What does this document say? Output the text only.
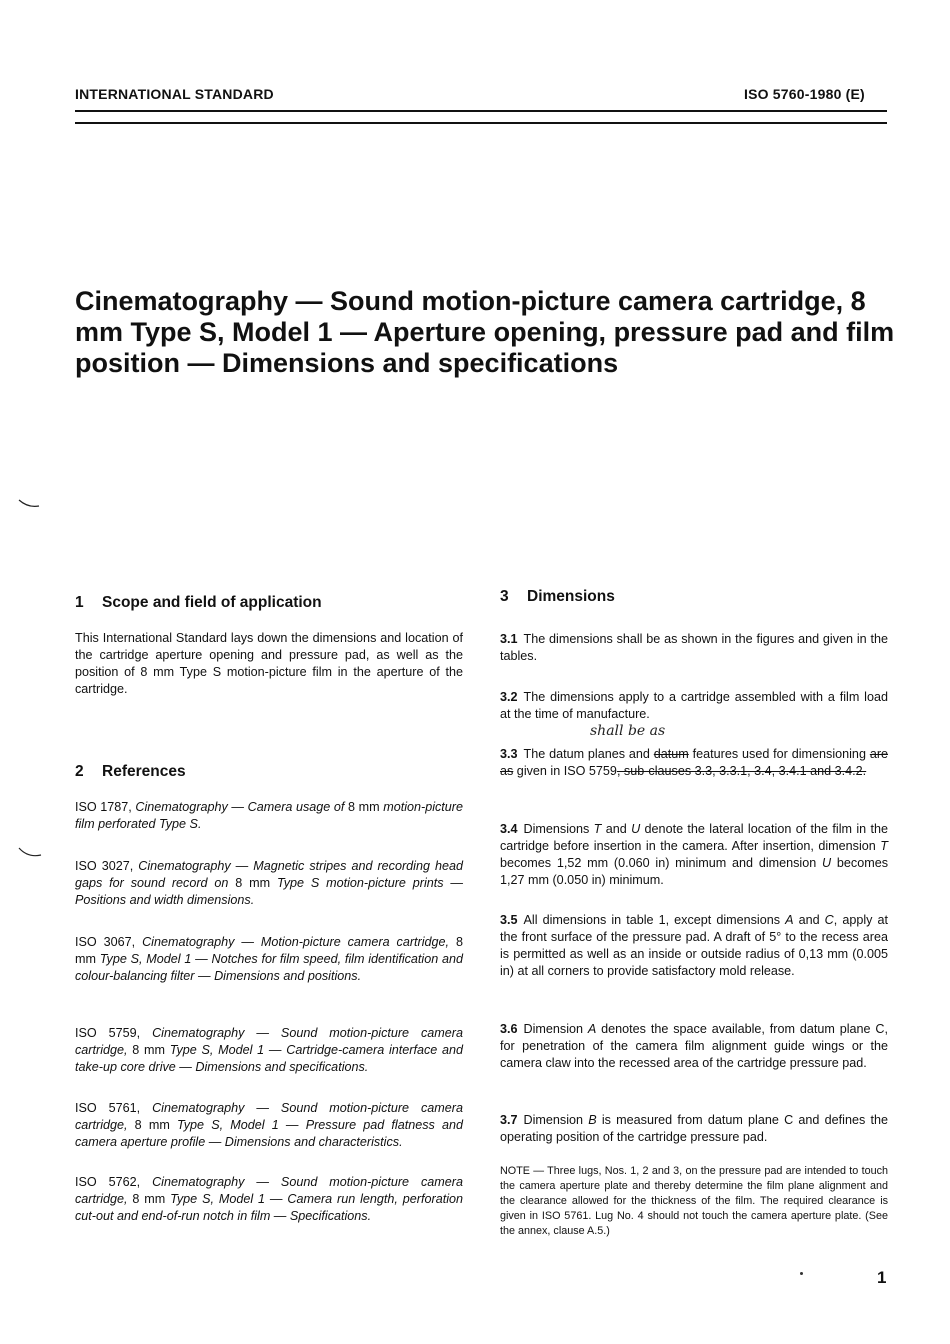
INTERNATIONAL STANDARD	ISO 5760-1980 (E)
Cinematography — Sound motion-picture camera cartridge, 8 mm Type S, Model 1 — Aperture opening, pressure pad and film position — Dimensions and specifications
1 Scope and field of application

This International Standard lays down the dimensions and location of the cartridge aperture opening and pressure pad, as well as the position of 8 mm Type S motion-picture film in the aperture of the cartridge.

2 References
ISO 1787, Cinematography — Camera usage of 8 mm motion-picture film perforated Type S.
ISO 3027, Cinematography — Magnetic stripes and recording head gaps for sound record on 8 mm Type S motion-picture prints — Positions and width dimensions.
ISO 3067, Cinematography — Motion-picture camera cartridge, 8 mm Type S, Model 1 — Notches for film speed, film identification and colour-balancing filter — Dimensions and positions.
ISO 5759, Cinematography — Sound motion-picture camera cartridge, 8 mm Type S, Model 1 — Cartridge-camera interface and take-up core drive — Dimensions and specifications.
ISO 5761, Cinematography — Sound motion-picture camera cartridge, 8 mm Type S, Model 1 — Pressure pad flatness and camera aperture profile — Dimensions and characteristics.
ISO 5762, Cinematography — Sound motion-picture camera cartridge, 8 mm Type S, Model 1 — Camera run length, perforation cut-out and end-of-run notch in film — Specifications.
3 Dimensions
3.1 The dimensions shall be as shown in the figures and given in the tables.
3.2 The dimensions apply to a cartridge assembled with a film load at the time of manufacture.
shall be as
3.3 The datum planes and datum features used for dimensioning are as given in ISO 5759, sub-clauses 3.3, 3.3.1, 3.4, 3.4.1 and 3.4.2.
3.4 Dimensions T and U denote the lateral location of the film in the cartridge before insertion in the camera. After insertion, dimension T becomes 1,52 mm (0.060 in) minimum and dimension U becomes 1,27 mm (0.050 in) minimum.
3.5 All dimensions in table 1, except dimensions A and C, apply at the front surface of the pressure pad. A draft of 5° to the recess area is permitted as well as an inside or outside radius of 0,13 mm (0.005 in) at all corners to provide satisfactory mold release.
3.6 Dimension A denotes the space available, from datum plane C, for penetration of the camera film alignment guide wings or the camera claw into the recessed area of the cartridge pressure pad.
3.7 Dimension B is measured from datum plane C and defines the operating position of the cartridge pressure pad.
NOTE — Three lugs, Nos. 1, 2 and 3, on the pressure pad are intended to touch the camera aperture plate and thereby determine the film plane alignment and the clearance allowed for the thickness of the film. The required clearance is given in ISO 5761. Lug No. 4 should not touch the camera aperture plate. (See the annex, clause A.5.)
1
